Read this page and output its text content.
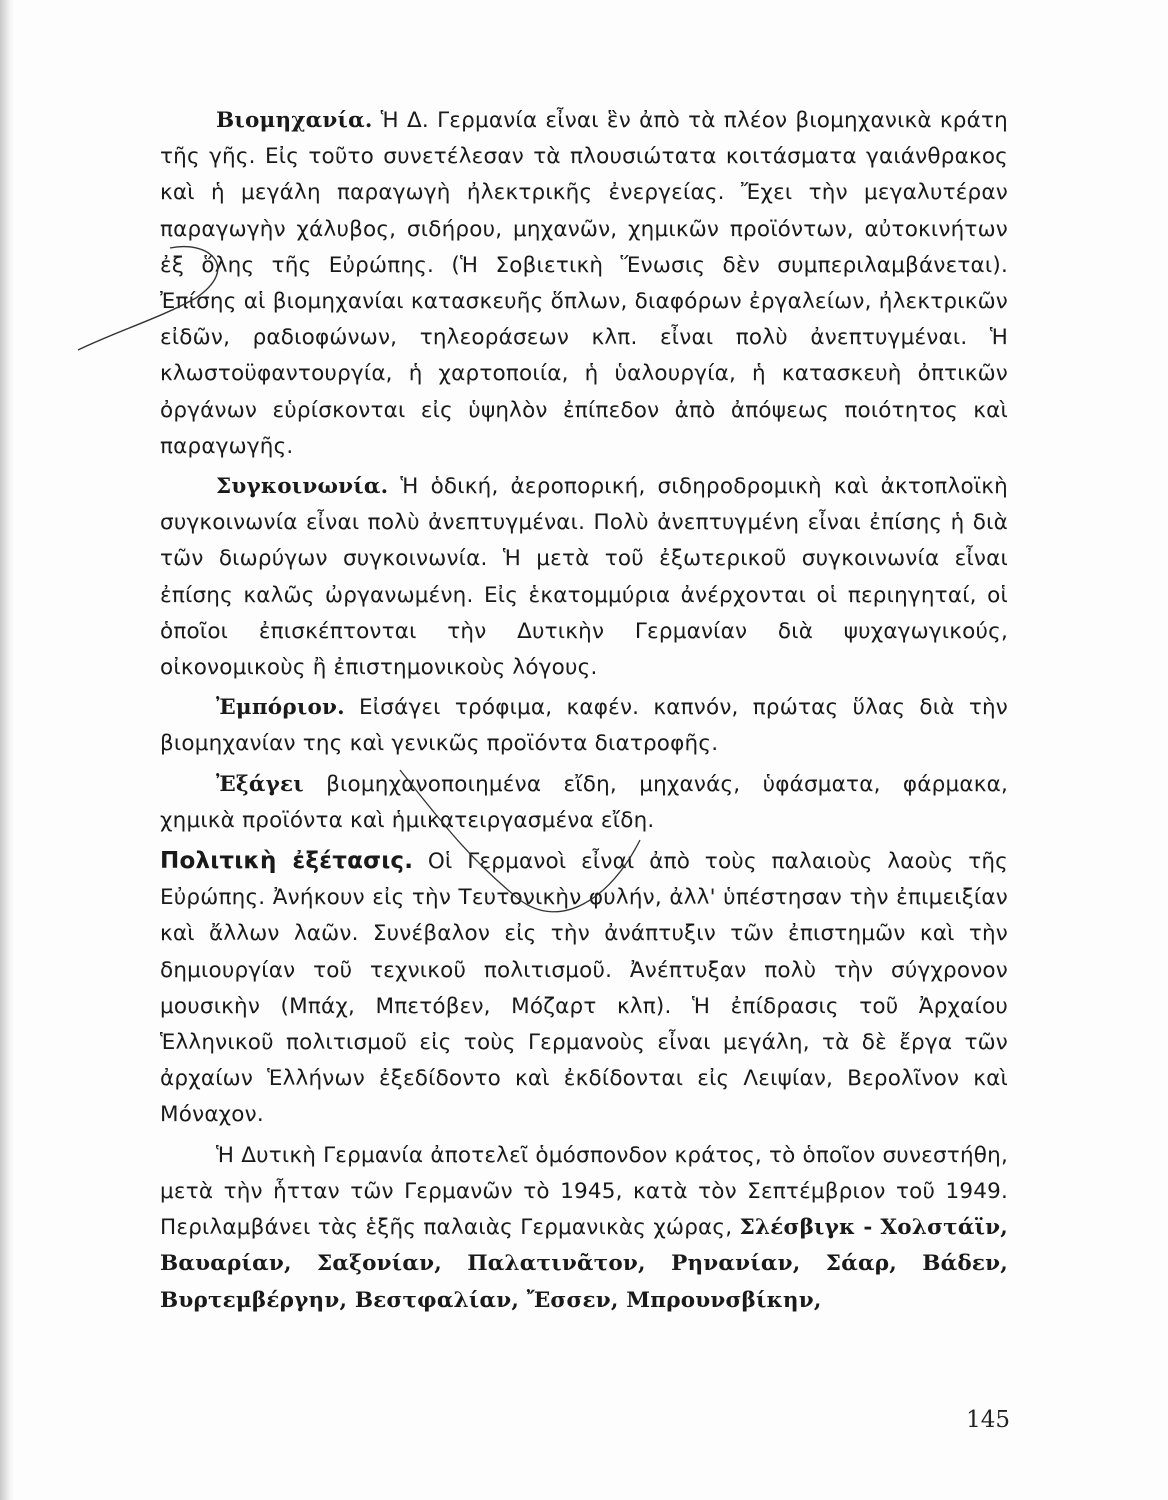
Βιομηχανία. Ἡ Δ. Γερμανία εἶναι ἓν ἀπὸ τὰ πλέον βιομηχανικὰ κράτη τῆς γῆς. Εἰς τοῦτο συνετέλεσαν τὰ πλουσιώτατα κοιτάσματα γαιάνθρακος καὶ ἡ μεγάλη παραγωγὴ ἠλεκτρικῆς ἐνεργείας. Ἔχει τὴν μεγαλυτέραν παραγωγὴν χάλυβος, σιδήρου, μηχανῶν, χημικῶν προϊόντων, αὐτοκινήτων ἐξ ὅλης τῆς Εὐρώπης. (Ἡ Σοβιετικὴ Ἕνωσις δὲν συμπεριλαμβάνεται). Ἐπίσης αἱ βιομηχανίαι κατασκευῆς ὅπλων, διαφόρων ἐργαλείων, ἠλεκτρικῶν εἰδῶν, ραδιοφώνων, τηλεοράσεων κλπ. εἶναι πολὺ ἀνεπτυγμέναι. Ἡ κλωστοϋφαντουργία, ἡ χαρτοποιία, ἡ ὑαλουργία, ἡ κατασκευὴ ὀπτικῶν ὀργάνων εὑρίσκονται εἰς ὑψηλὸν ἐπίπεδον ἀπὸ ἀπόψεως ποιότητος καὶ παραγωγῆς.

Συγκοινωνία. Ἡ ὁδική, ἀεροπορική, σιδηροδρομικὴ καὶ ἀκτοπλοϊκὴ συγκοινωνία εἶναι πολὺ ἀνεπτυγμέναι. Πολὺ ἀνεπτυγμένη εἶναι ἐπίσης ἡ διὰ τῶν διωρύγων συγκοινωνία. Ἡ μετὰ τοῦ ἐξωτερικοῦ συγκοινωνία εἶναι ἐπίσης καλῶς ὠργανωμένη. Εἰς ἑκατομμύρια ἀνέρχονται οἱ περιηγηταί, οἱ ὁποῖοι ἐπισκέπτονται τὴν Δυτικὴν Γερμανίαν διὰ ψυχαγωγικούς, οἰκονομικοὺς ἢ ἐπιστημονικοὺς λόγους.

Ἐμπόριον. Εἰσάγει τρόφιμα, καφέν. καπνόν, πρώτας ὕλας διὰ τὴν βιομηχανίαν της καὶ γενικῶς προϊόντα διατροφῆς.

Ἐξάγει βιομηχανοποιημένα εἴδη, μηχανάς, ὑφάσματα, φάρμακα, χημικὰ προϊόντα καὶ ἡμικατειργασμένα εἴδη.

Πολιτικὴ ἐξέτασις. Οἱ Γερμανοὶ εἶναι ἀπὸ τοὺς παλαιοὺς λαοὺς τῆς Εὐρώπης. Ἀνήκουν εἰς τὴν Τευτονικὴν φυλήν, ἀλλ' ὑπέστησαν τὴν ἐπιμειξίαν καὶ ἄλλων λαῶν. Συνέβαλον εἰς τὴν ἀνάπτυξιν τῶν ἐπιστημῶν καὶ τὴν δημιουργίαν τοῦ τεχνικοῦ πολιτισμοῦ. Ἀνέπτυξαν πολὺ τὴν σύγχρονον μουσικὴν (Μπάχ, Μπετόβεν, Μόζαρτ κλπ). Ἡ ἐπίδρασις τοῦ Ἀρχαίου Ἑλληνικοῦ πολιτισμοῦ εἰς τοὺς Γερμανοὺς εἶναι μεγάλη, τὰ δὲ ἔργα τῶν ἀρχαίων Ἑλλήνων ἐξεδίδοντο καὶ ἐκδίδονται εἰς Λειψίαν, Βερολῖνον καὶ Μόναχον.

Ἡ Δυτικὴ Γερμανία ἀποτελεῖ ὁμόσπονδον κράτος, τὸ ὁποῖον συνεστήθη, μετὰ τὴν ἧτταν τῶν Γερμανῶν τὸ 1945, κατὰ τὸν Σεπτέμβριον τοῦ 1949. Περιλαμβάνει τὰς ἑξῆς παλαιὰς Γερμανικὰς χώρας, Σλέσβιγκ - Χολστάϊν, Βαυαρίαν, Σαξονίαν, Παλατινᾶτον, Ρηνανίαν, Σάαρ, Βάδεν, Βυρτεμβέργην, Βεστφαλίαν, Ἔσσεν, Μπρουνσβίκην,

145
